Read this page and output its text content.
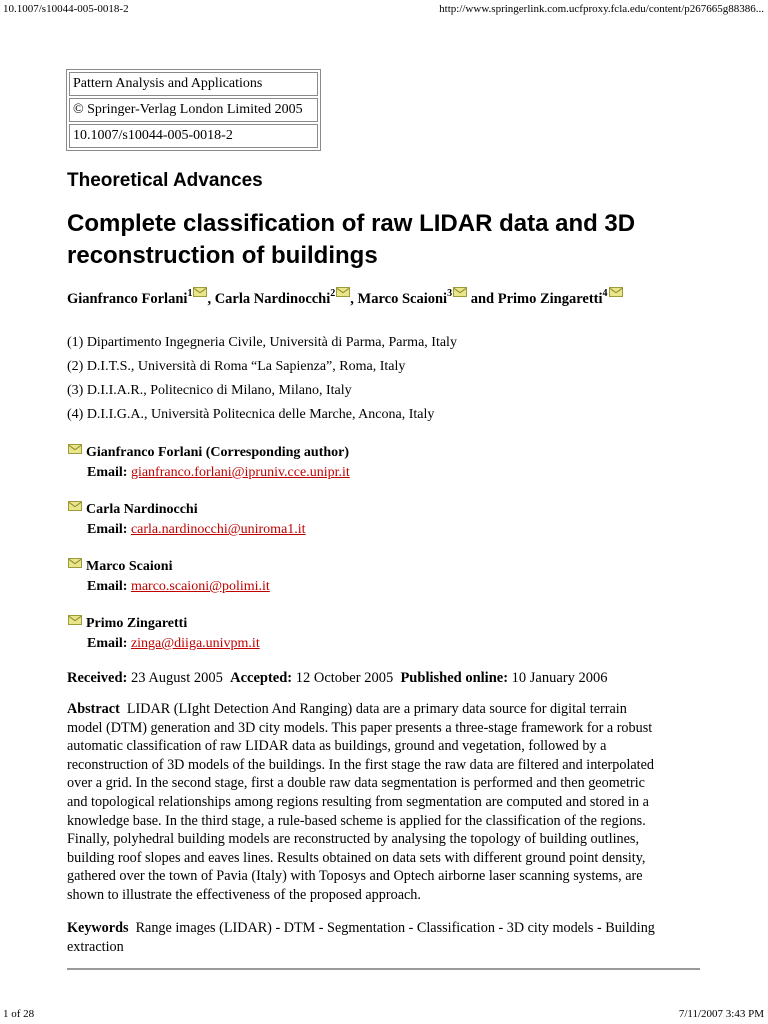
10.1007/s10044-005-0018-2	http://www.springerlink.com.ucfproxy.fcla.edu/content/p267665g88386...
Pattern Analysis and Applications
© Springer-Verlag London Limited 2005
10.1007/s10044-005-0018-2
Theoretical Advances
Complete classification of raw LIDAR data and 3D
reconstruction of buildings
Gianfranco Forlani$^1$ , Carla Nardinocchi$^2$ , Marco Scaioni$^3$ and Primo Zingaretti$^4$
(1) Dipartimento Ingegneria Civile, Università di Parma, Parma, Italy
(2) D.I.T.S., Università di Roma “La Sapienza”, Roma, Italy
(3) D.I.I.A.R., Politecnico di Milano, Milano, Italy
(4) D.I.I.G.A., Università Politecnica delle Marche, Ancona, Italy
Gianfranco Forlani (Corresponding author)
Email: gianfranco.forlani@ipruniv.cce.unipr.it
Carla Nardinocchi
Email: carla.nardinocchi@uniroma1.it
Marco Scaioni
Email: marco.scaioni@polimi.it
Primo Zingaretti
Email: zinga@diiga.univpm.it
Received: 23 August 2005 Accepted: 12 October 2005 Published online: 10 January 2006
Abstract LIDAR (LIght Detection And Ranging) data are a primary data source for digital terrain
model (DTM) generation and 3D city models. This paper presents a three-stage framework for a robust
automatic classification of raw LIDAR data as buildings, ground and vegetation, followed by a
reconstruction of 3D models of the buildings. In the first stage the raw data are filtered and interpolated
over a grid. In the second stage, first a double raw data segmentation is performed and then geometric
and topological relationships among regions resulting from segmentation are computed and stored in a
knowledge base. In the third stage, a rule-based scheme is applied for the classification of the regions.
Finally, polyhedral building models are reconstructed by analysing the topology of building outlines,
building roof slopes and eaves lines. Results obtained on data sets with different ground point density,
gathered over the town of Pavia (Italy) with Toposys and Optech airborne laser scanning systems, are
shown to illustrate the effectiveness of the proposed approach.
Keywords Range images (LIDAR) - DTM - Segmentation - Classification - 3D city models - Building
extraction
1 of 28	7/11/2007 3:43 PM
